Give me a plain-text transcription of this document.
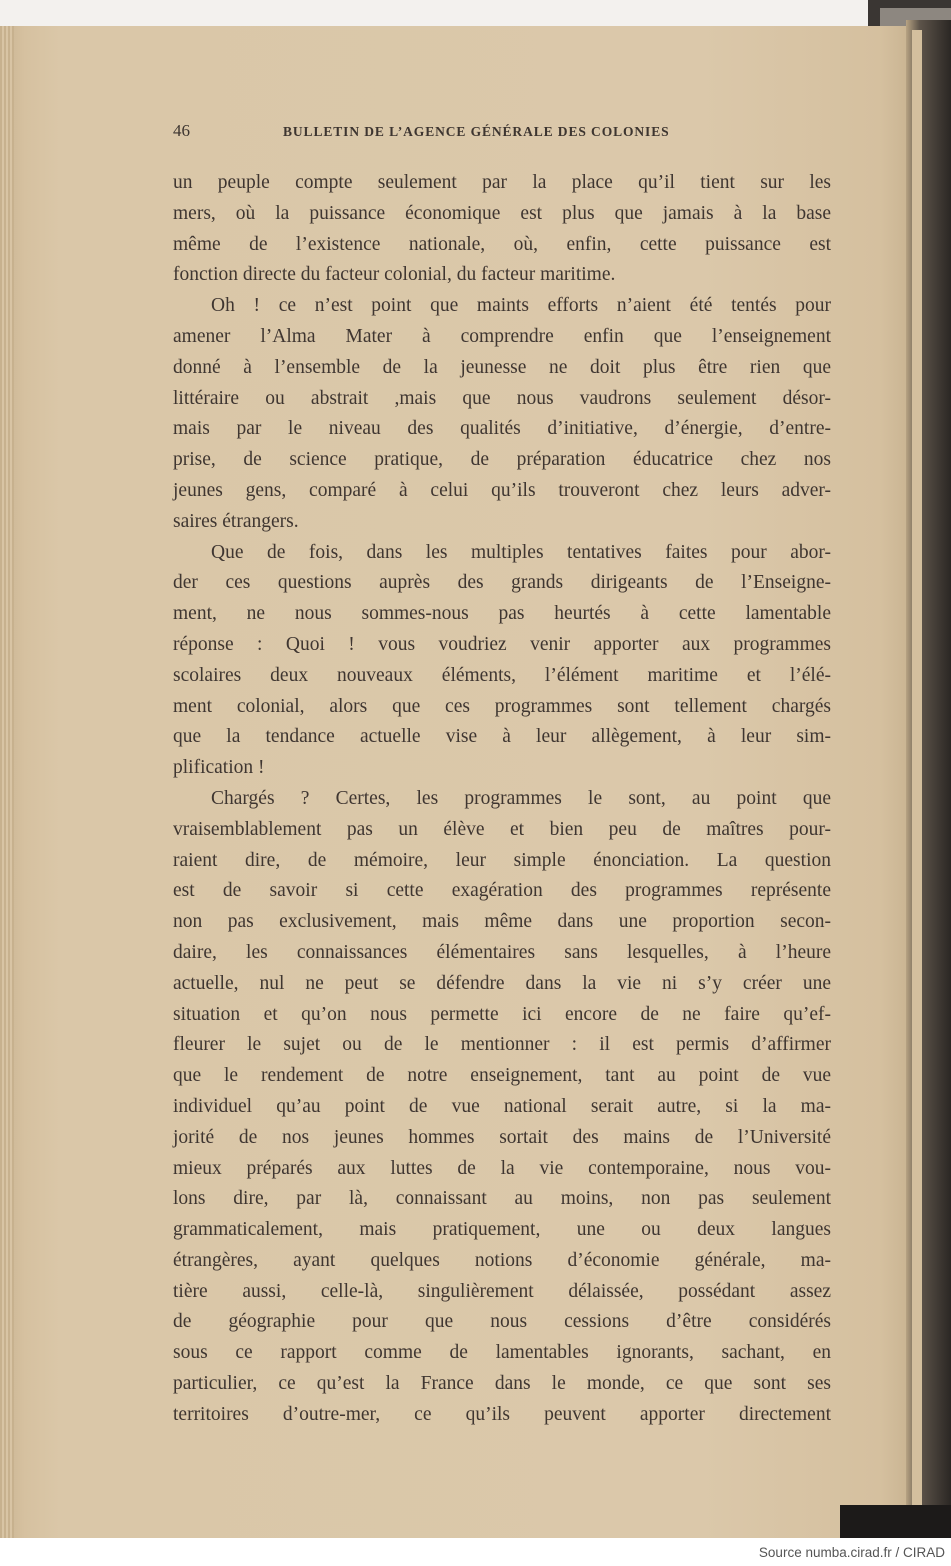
46	BULLETIN DE L’AGENCE GÉNÉRALE DES COLONIES
un peuple compte seulement par la place qu’il tient sur les
mers, où la puissance économique est plus que jamais à la base
même de l’existence nationale, où, enfin, cette puissance est
fonction directe du facteur colonial, du facteur maritime.
Oh ! ce n’est point que maints efforts n’aient été tentés pour
amener l’Alma Mater à comprendre enfin que l’enseignement
donné à l’ensemble de la jeunesse ne doit plus être rien que
littéraire ou abstrait ,mais que nous vaudrons seulement désor-
mais par le niveau des qualités d’initiative, d’énergie, d’entre-
prise, de science pratique, de préparation éducatrice chez nos
jeunes gens, comparé à celui qu’ils trouveront chez leurs adver-
saires étrangers.
Que de fois, dans les multiples tentatives faites pour abor-
der ces questions auprès des grands dirigeants de l’Enseigne-
ment, ne nous sommes-nous pas heurtés à cette lamentable
réponse : Quoi ! vous voudriez venir apporter aux programmes
scolaires deux nouveaux éléments, l’élément maritime et l’élé-
ment colonial, alors que ces programmes sont tellement chargés
que la tendance actuelle vise à leur allègement, à leur sim-
plification !
Chargés ? Certes, les programmes le sont, au point que
vraisemblablement pas un élève et bien peu de maîtres pour-
raient dire, de mémoire, leur simple énonciation. La question
est de savoir si cette exagération des programmes représente
non pas exclusivement, mais même dans une proportion secon-
daire, les connaissances élémentaires sans lesquelles, à l’heure
actuelle, nul ne peut se défendre dans la vie ni s’y créer une
situation et qu’on nous permette ici encore de ne faire qu’ef-
fleurer le sujet ou de le mentionner : il est permis d’affirmer
que le rendement de notre enseignement, tant au point de vue
individuel qu’au point de vue national serait autre, si la ma-
jorité de nos jeunes hommes sortait des mains de l’Université
mieux préparés aux luttes de la vie contemporaine, nous vou-
lons dire, par là, connaissant au moins, non pas seulement
grammaticalement, mais pratiquement, une ou deux langues
étrangères, ayant quelques notions d’économie générale, ma-
tière aussi, celle-là, singulièrement délaissée, possédant assez
de géographie pour que nous cessions d’être considérés
sous ce rapport comme de lamentables ignorants, sachant, en
particulier, ce qu’est la France dans le monde, ce que sont ses
territoires d’outre-mer, ce qu’ils peuvent apporter directement
Source numba.cirad.fr / CIRAD
